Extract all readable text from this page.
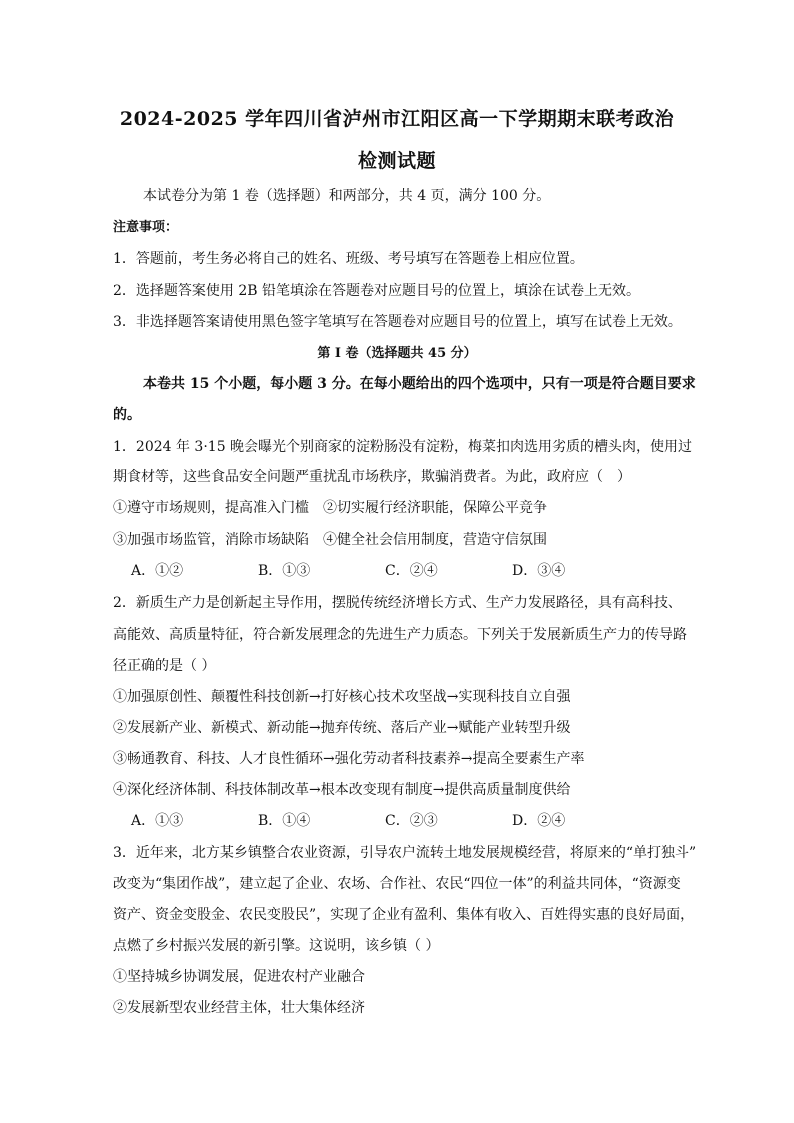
2024-2025 学年四川省泸州市江阳区高一下学期期末联考政治
检测试题
本试卷分为第 1 卷（选择题）和两部分，共 4 页，满分 100 分。
注意事项：
1．答题前，考生务必将自己的姓名、班级、考号填写在答题卷上相应位置。
2．选择题答案使用 2B 铅笔填涂在答题卷对应题目号的位置上，填涂在试卷上无效。
3．非选择题答案请使用黑色签字笔填写在答题卷对应题目号的位置上，填写在试卷上无效。
第 I 卷（选择题共 45 分）
本卷共 15 个小题，每小题 3 分。在每小题给出的四个选项中，只有一项是符合题目要求
的。
1．2024 年 3·15 晚会曝光个别商家的淀粉肠没有淀粉，梅菜扣肉选用劣质的槽头肉，使用过
期食材等，这些食品安全问题严重扰乱市场秩序，欺骗消费者。为此，政府应（　）
①遵守市场规则，提高准入门槛　②切实履行经济职能，保障公平竞争
③加强市场监管，消除市场缺陷　④健全社会信用制度，营造守信氛围
A．①②	B．①③	C．②④	D．③④
2．新质生产力是创新起主导作用，摆脱传统经济增长方式、生产力发展路径，具有高科技、
高能效、高质量特征，符合新发展理念的先进生产力质态。下列关于发展新质生产力的传导路
径正确的是（ ）
①加强原创性、颠覆性科技创新→打好核心技术攻坚战→实现科技自立自强
②发展新产业、新模式、新动能→抛弃传统、落后产业→赋能产业转型升级
③畅通教育、科技、人才良性循环→强化劳动者科技素养→提高全要素生产率
④深化经济体制、科技体制改革→根本改变现有制度→提供高质量制度供给
A．①③	B．①④	C．②③	D．②④
3．近年来，北方某乡镇整合农业资源，引导农户流转土地发展规模经营，将原来的“单打独斗”
改变为“集团作战”，建立起了企业、农场、合作社、农民“四位一体”的利益共同体，“资源变
资产、资金变股金、农民变股民”，实现了企业有盈利、集体有收入、百姓得实惠的良好局面，
点燃了乡村振兴发展的新引擎。这说明，该乡镇（ ）
①坚持城乡协调发展，促进农村产业融合
②发展新型农业经营主体，壮大集体经济
